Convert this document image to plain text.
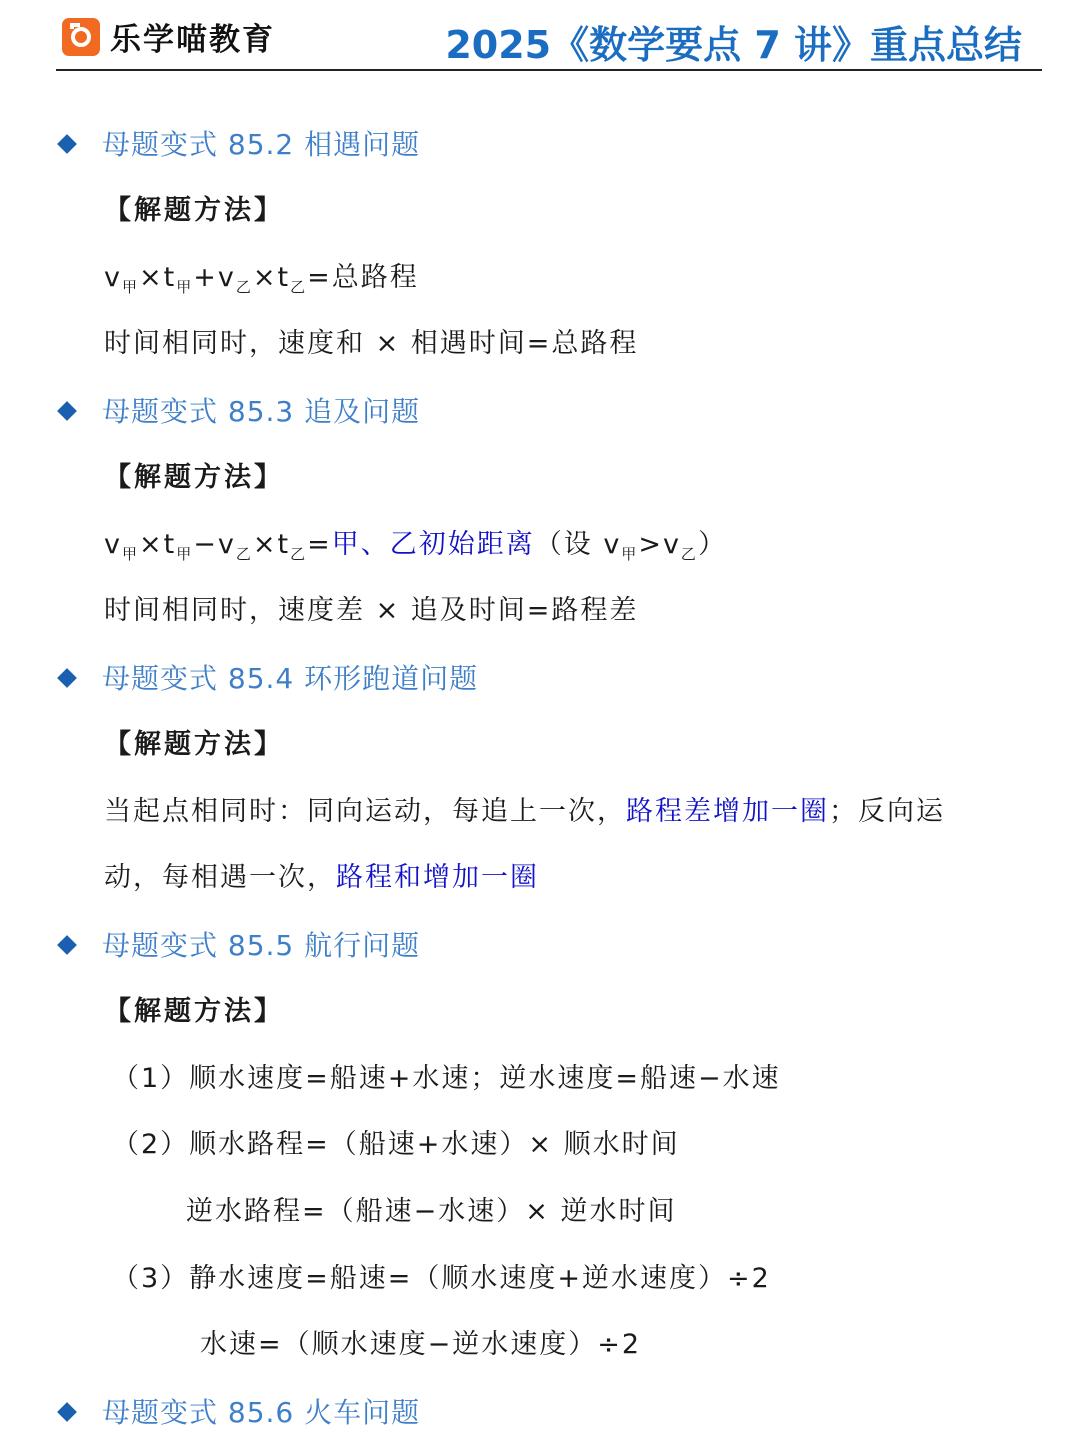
乐学喵教育	2025《数学要点 7 讲》重点总结
母题变式 85.2 相遇问题
【解题方法】
$v_甲\times t_甲+v_乙\times t_乙=$总路程
时间相同时，速度和 × 相遇时间=总路程
母题变式 85.3 追及问题
【解题方法】
$v_甲\times t_甲-v_乙\times t_乙=$甲、乙初始距离（设 $v_甲>v_乙$）
时间相同时，速度差 × 追及时间=路程差
母题变式 85.4 环形跑道问题
【解题方法】
当起点相同时：同向运动，每追上一次，路程差增加一圈；反向运
动，每相遇一次，路程和增加一圈
母题变式 85.5 航行问题
【解题方法】
（1）顺水速度=船速+水速；逆水速度=船速−水速
（2）顺水路程=（船速+水速）× 顺水时间
逆水路程=（船速−水速）× 逆水时间
（3）静水速度=船速=（顺水速度+逆水速度）÷2
水速=（顺水速度−逆水速度）÷2
母题变式 85.6 火车问题
